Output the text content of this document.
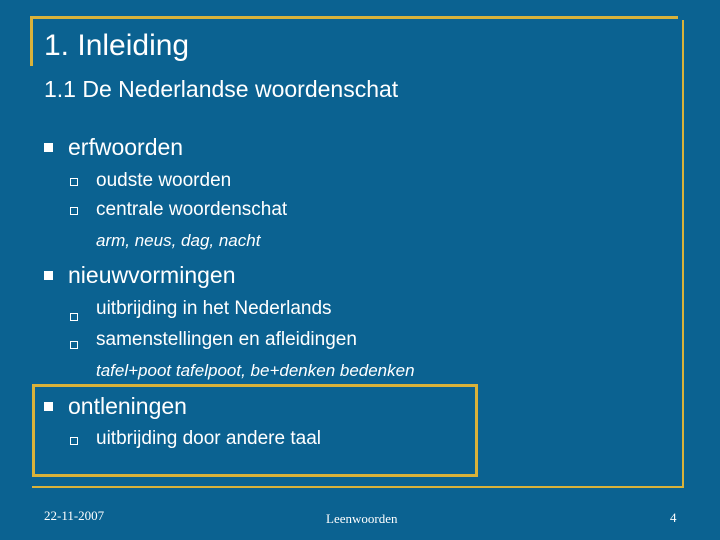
1. Inleiding
1.1 De Nederlandse woordenschat
erfwoorden
oudste woorden
centrale woordenschat
arm, neus, dag, nacht
nieuwvormingen
uitbrijding in het Nederlands
samenstellingen en afleidingen
tafel+poot tafelpoot, be+denken bedenken
ontleningen
uitbrijding door andere taal
22-11-2007	Leenwoorden	4
